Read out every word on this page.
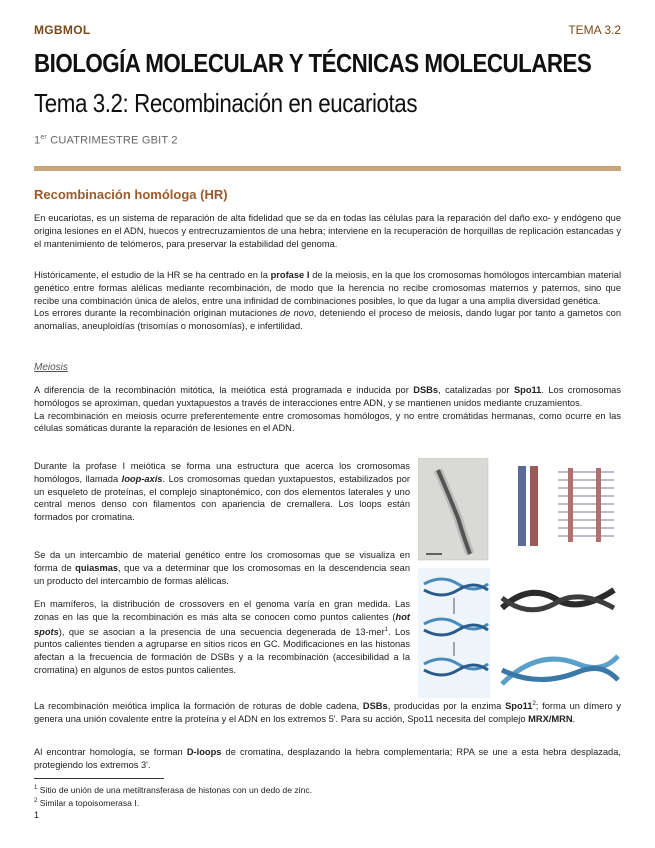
MGBMOL	TEMA 3.2
BIOLOGÍA MOLECULAR Y TÉCNICAS MOLECULARES
Tema 3.2: Recombinación en eucariotas
1er CUATRIMESTRE GBIT 2
Recombinación homóloga (HR)

En eucariotas, es un sistema de reparación de alta fidelidad que se da en todas las células para la reparación del daño exo- y endógeno que origina lesiones en el ADN, huecos y entrecruzamientos de una hebra; interviene en la recuperación de horquillas de replicación estancadas y el mantenimiento de telómeros, para preservar la estabilidad del genoma.

Históricamente, el estudio de la HR se ha centrado en la profase I de la meiosis, en la que los cromosomas homólogos intercambian material genético entre formas alélicas mediante recombinación, de modo que la herencia no recibe cromosomas maternos y paternos, sino que recibe una combinación única de alelos, entre una infinidad de combinaciones posibles, lo que da lugar a una amplia diversidad genética.
Los errores durante la recombinación originan mutaciones de novo, deteniendo el proceso de meiosis, dando lugar por tanto a gametos con anomalías, aneuploidías (trisomías o monosomías), e infertilidad.

Meiosis

A diferencia de la recombinación mitótica, la meiótica está programada e inducida por DSBs, catalizadas por Spo11. Los cromosomas homólogos se aproximan, quedan yuxtapuestos a través de interacciones entre ADN, y se mantienen unidos mediante cruzamientos.
La recombinación en meiosis ocurre preferentemente entre cromosomas homólogos, y no entre cromátidas hermanas, como ocurre en las células somáticas durante la reparación de lesiones en el ADN.

Durante la profase I meiótica se forma una estructura que acerca los cromosomas homólogos, llamada loop-axis. Los cromosomas quedan yuxtapuestos, estabilizados por un esqueleto de proteínas, el complejo sinaptonémico, con dos elementos laterales y uno central menos denso con filamentos con apariencia de cremallera. Los loops están formados por cromatina.

Se da un intercambio de material genético entre los cromosomas que se visualiza en forma de quiasmas, que va a determinar que los cromosomas en la descendencia sean un producto del intercambio de formas alélicas.

En mamíferos, la distribución de crossovers en el genoma varía en gran medida. Las zonas en las que la recombinación es más alta se conocen como puntos calientes (hot spots), que se asocian a la presencia de una secuencia degenerada de 13-mer$^1$. Los puntos calientes tienden a agruparse en sitios ricos en GC. Modificaciones en las histonas afectan a la frecuencia de formación de DSBs y a la recombinación (accesibilidad a la cromatina) en algunos de estos puntos calientes.

La recombinación meiótica implica la formación de roturas de doble cadena, DSBs, producidas por la enzima $Spo11^2$; forma un dímero y genera una unión covalente entre la proteína y el ADN en los extremos 5'. Para su acción, Spo11 necesita del complejo MRX/MRN.

Al encontrar homología, se forman D-loops de cromatina, desplazando la hebra complementaria; RPA se une a esta hebra desplazada, protegiendo los extremos 3'.

$^1$ Sitio de unión de una metiltransferasa de histonas con un dedo de zinc.
$^2$ Similar a topoisomerasa I.
1
